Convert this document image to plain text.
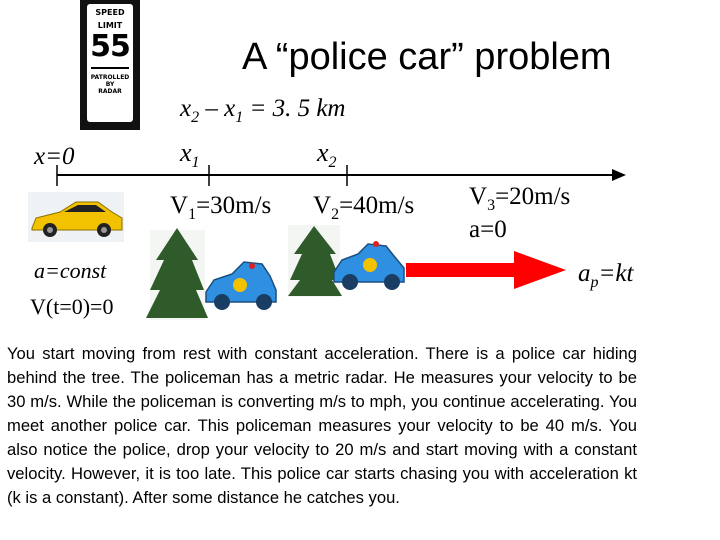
SPEED
LIMIT
55
PATROLLED
BY
RADAR
A “police car” problem
$x_2 - x_1 = 3$. 5 km
x=0	$x_1$	$x_2$
$V_1=30m/s$ $V_2=40m/s$ $V_3=20m/s$
a=0
a=const	$a_p=kt$
V(t=0)=0
You start moving from rest with constant acceleration. There is a police car hiding behind the tree. The policeman has a metric radar. He measures your velocity to be 30 m/s. While the policeman is converting m/s to mph, you continue accelerating. You meet another police car. This policeman measures your velocity to be 40 m/s. You also notice the police, drop your velocity to 20 m/s and start moving with a constant velocity. However, it is too late. This police car starts chasing you with acceleration kt (k is a constant). After some distance he catches you.
